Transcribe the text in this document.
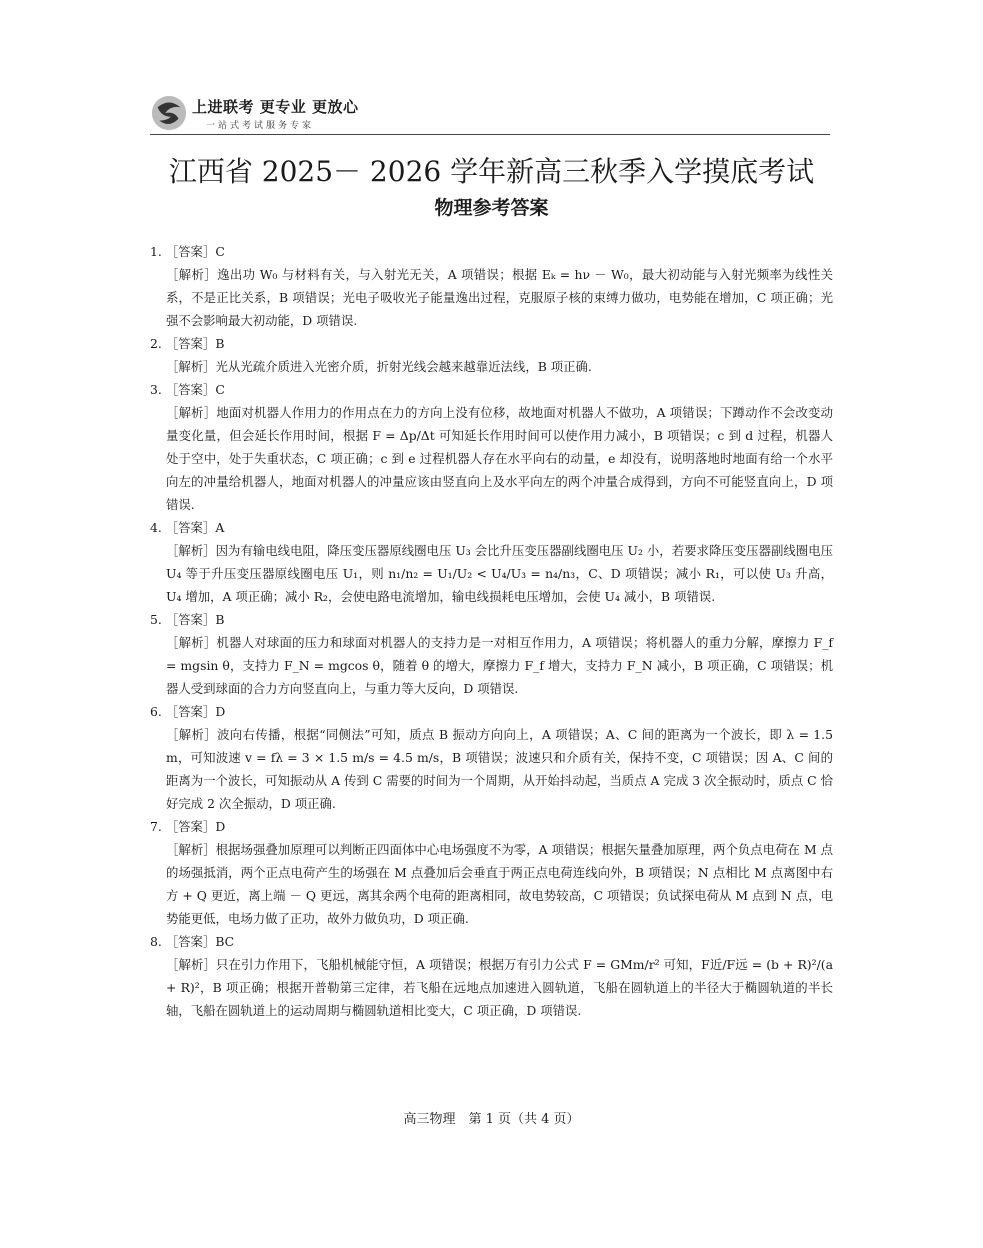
上进联考 更专业 更放心
一站式考试服务专家
江西省 2025－ 2026 学年新高三秋季入学摸底考试
物理参考答案

1. ［答案］C

［解析］逸出功 W₀ 与材料有关，与入射光无关，A 项错误；根据 Eₖ = hν － W₀，最大初动能与入射光频率为线性关系，不是正比关系，B 项错误；光电子吸收光子能量逸出过程，克服原子核的束缚力做功，电势能在增加，C 项正确；光强不会影响最大初动能，D 项错误.

2. ［答案］B

［解析］光从光疏介质进入光密介质，折射光线会越来越靠近法线，B 项正确.

3. ［答案］C

［解析］地面对机器人作用力的作用点在力的方向上没有位移，故地面对机器人不做功，A 项错误；下蹲动作不会改变动量变化量，但会延长作用时间，根据 F = Δp/Δt 可知延长作用时间可以使作用力减小，B 项错误；c 到 d 过程，机器人处于空中，处于失重状态，C 项正确；c 到 e 过程机器人存在水平向右的动量，e 却没有，说明落地时地面有给一个水平向左的冲量给机器人，地面对机器人的冲量应该由竖直向上及水平向左的两个冲量合成得到，方向不可能竖直向上，D 项错误.

4. ［答案］A

［解析］因为有输电线电阻，降压变压器原线圈电压 U₃ 会比升压变压器副线圈电压 U₂ 小，若要求降压变压器副线圈电压 U₄ 等于升压变压器原线圈电压 U₁，则 n₁/n₂ = U₁/U₂ < U₄/U₃ = n₄/n₃，C、D 项错误；减小 R₁，可以使 U₃ 升高，U₄ 增加，A 项正确；减小 R₂，会使电路电流增加，输电线损耗电压增加，会使 U₄ 减小，B 项错误.

5. ［答案］B

［解析］机器人对球面的压力和球面对机器人的支持力是一对相互作用力，A 项错误；将机器人的重力分解，摩擦力 F_f = mgsin θ，支持力 F_N = mgcos θ，随着 θ 的增大，摩擦力 F_f 增大，支持力 F_N 减小，B 项正确，C 项错误；机器人受到球面的合力方向竖直向上，与重力等大反向，D 项错误.

6. ［答案］D

［解析］波向右传播，根据“同侧法”可知，质点 B 振动方向向上，A 项错误；A、C 间的距离为一个波长，即 λ = 1.5 m，可知波速 v = fλ = 3 × 1.5 m/s = 4.5 m/s，B 项错误；波速只和介质有关，保持不变，C 项错误；因 A、C 间的距离为一个波长，可知振动从 A 传到 C 需要的时间为一个周期，从开始抖动起，当质点 A 完成 3 次全振动时，质点 C 恰好完成 2 次全振动，D 项正确.

7. ［答案］D

［解析］根据场强叠加原理可以判断正四面体中心电场强度不为零，A 项错误；根据矢量叠加原理，两个负点电荷在 M 点的场强抵消，两个正点电荷产生的场强在 M 点叠加后会垂直于两正点电荷连线向外，B 项错误；N 点相比 M 点离图中右方 + Q 更近，离上端 － Q 更远，离其余两个电荷的距离相同，故电势较高，C 项错误；负试探电荷从 M 点到 N 点，电势能更低，电场力做了正功，故外力做负功，D 项正确.

8. ［答案］BC

［解析］只在引力作用下，飞船机械能守恒，A 项错误；根据万有引力公式 F = GMm/r² 可知，F近/F远 = (b + R)²/(a + R)²，B 项正确；根据开普勒第三定律，若飞船在远地点加速进入圆轨道，飞船在圆轨道上的半径大于椭圆轨道的半长轴，飞船在圆轨道上的运动周期与椭圆轨道相比变大，C 项正确，D 项错误.

高三物理　第 1 页（共 4 页）
